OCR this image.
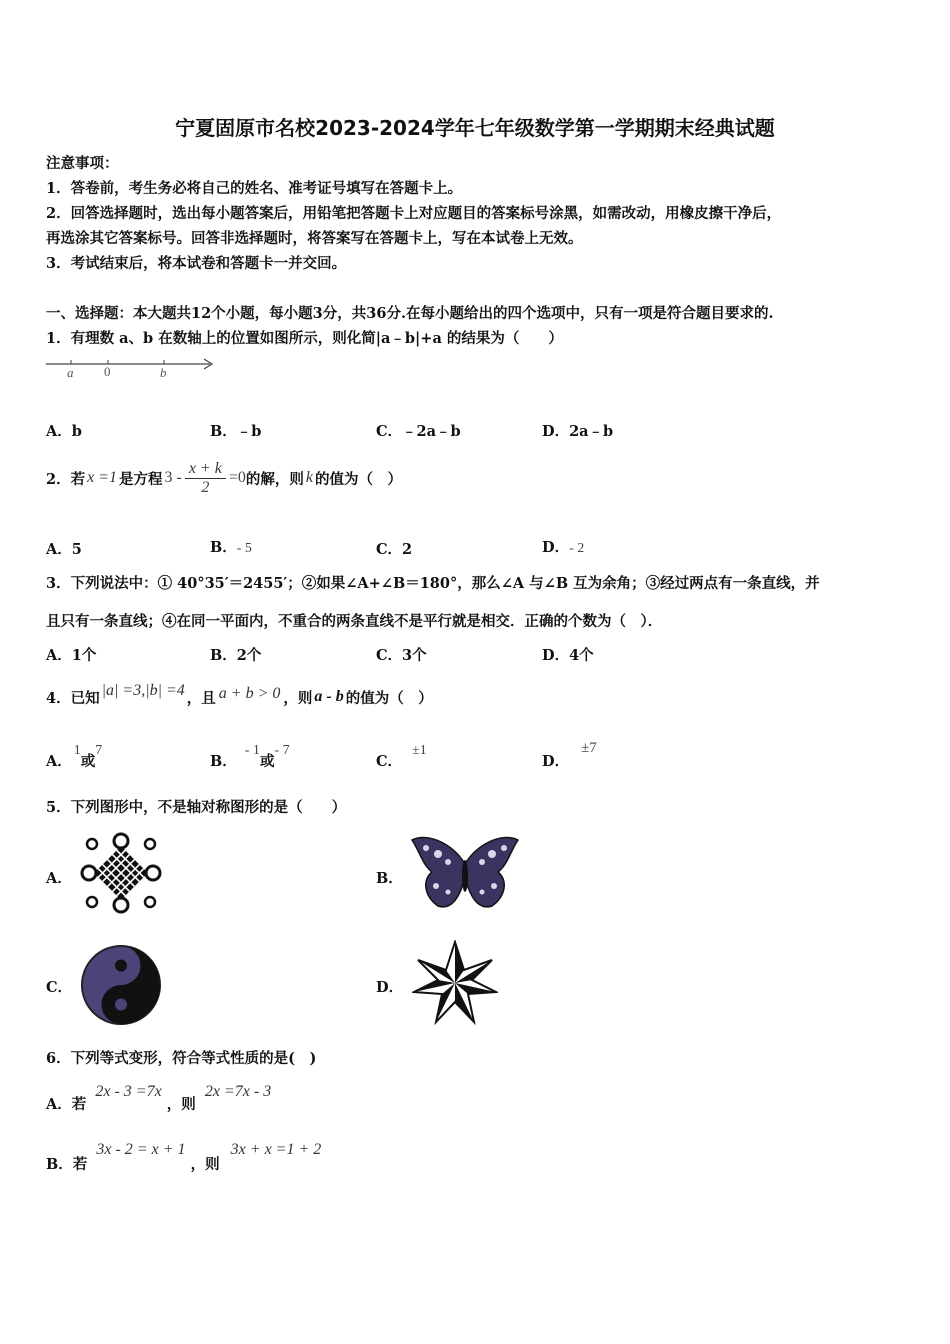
宁夏固原市名校2023-2024学年七年级数学第一学期期末经典试题
注意事项：
1．答卷前，考生务必将自己的姓名、准考证号填写在答题卡上。
2．回答选择题时，选出每小题答案后，用铅笔把答题卡上对应题目的答案标号涂黑，如需改动，用橡皮擦干净后，
再选涂其它答案标号。回答非选择题时，将答案写在答题卡上，写在本试卷上无效。
3．考试结束后，将本试卷和答题卡一并交回。
一、选择题：本大题共12个小题，每小题3分，共36分.在每小题给出的四个选项中，只有一项是符合题目要求的.
1．有理数 a、b 在数轴上的位置如图所示，则化简|a﹣b|+a 的结果为（　　）
a 0	b
A．b	B．﹣b	C．﹣2a﹣b	D．2a﹣b
2．若 x =1 是方程 $3 - \frac{x + k}{2} =0$ 的解，则 k 的值为（　）
A．5	B．- 5	C．2	D．- 2
3．下列说法中：① 40°35′＝2455′；②如果∠A+∠B＝180°，那么∠A 与∠B 互为余角；③经过两点有一条直线，并
且只有一条直线；④在同一平面内，不重合的两条直线不是平行就是相交．正确的个数为（　）．
A．1个	B．2个	C．3个	D．4个
4．已知 |a| =3,|b| =4 ，且 a + b > 0 ，则 a - b 的值为（　）
A．1或7
B．- 1或- 7
C．±1
D．±7
5．下列图形中，不是轴对称图形的是（　　）
A．	B．
C．	D．
6．下列等式变形，符合等式性质的是(　)
A．若 2x - 3 =7x ，则 2x =7x - 3
B．若 3x - 2 = x + 1 ，则 3x + x =1 + 2
